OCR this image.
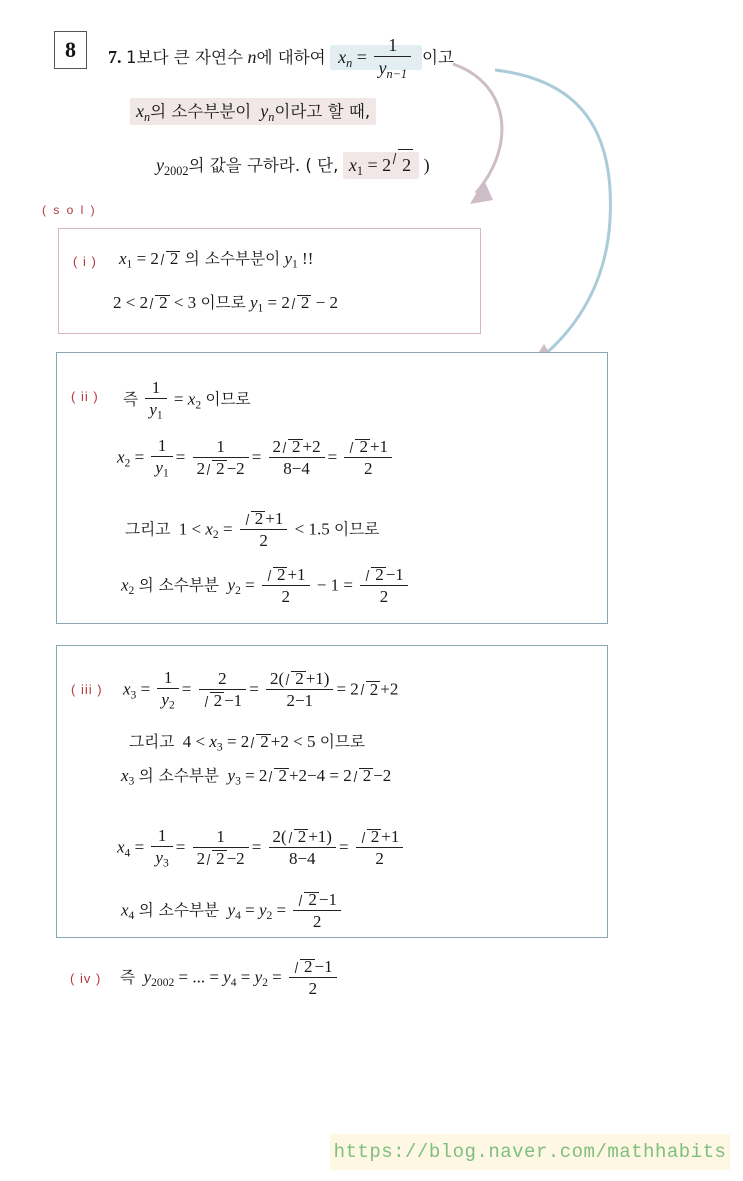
8	7. 1보다 큰 자연수 n에 대하여 $x_n = \frac{1}{y_{n-1}}$ 이고
$x_n$의 소수부분이 $y_n$이라고 할 때,
$y_{2002}$의 값을 구하라. ( 단, $x_1 = 2$ 2 )
( s o l )
( i ) $x_1 = 2$ 2 의 소수부분이 $y_1$ !!
2 < 2 2 < 3 이므로 $y_1 = 2$ 2 − 2
( ii ) 즉 $\frac{1}{y_1} = x_2$ 이므로
$x_2 = \frac{1}{y_1} = \frac{1}{2 2 -2} = \frac{2 2 +2}{8-4} = \frac{2 +1}{2}$
그리고  $1 < x_2 = \frac{2 +1}{2} < 1.5$ 이므로
$x_2$ 의 소수부분 $y_2 = \frac{2 +1}{2} - 1 = \frac{2 -1}{2}$
( iii ) $x_3 = \frac{1}{y_2} = \frac{2}{2 -1} = \frac{2( 2 +1)}{2-1} = 2$ 2 +2
그리고  $4 < x_3 = 2$ 2 +2 < 5 이므로
$x_3$ 의 소수부분 $y_3 = 2$ 2 +2−4 = 2 2 −2
$x_4 = \frac{1}{y_3} = \frac{1}{2 2 -2} = \frac{2( 2 +1)}{8-4} = \frac{2 +1}{2}$
$x_4$ 의 소수부분 $y_4 = y_2 = \frac{2 -1}{2}$
( iv ) 즉 $y_{2002}$ = ... = $y_4 = y_2 = \frac{2 -1}{2}$
https://blog.naver.com/mathhabits
